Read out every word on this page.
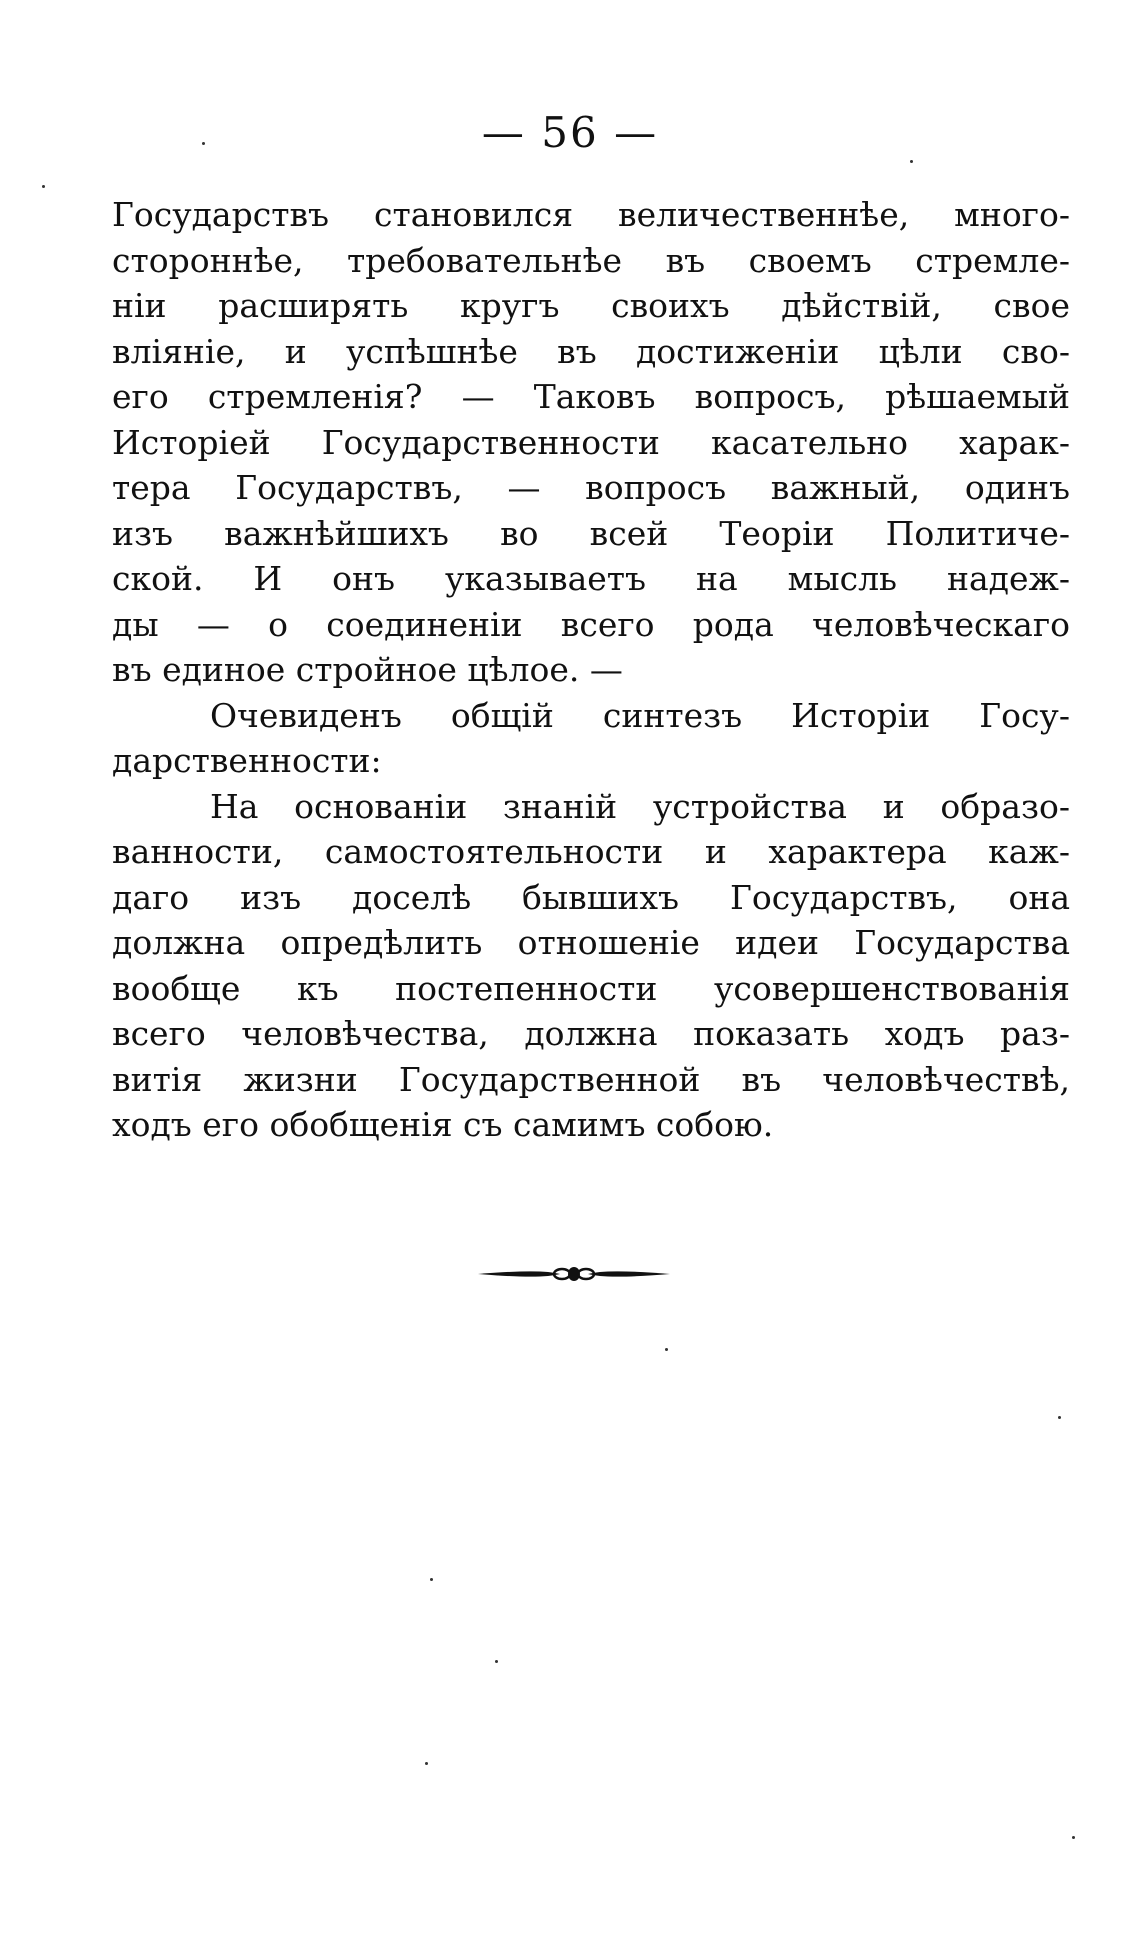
— 56 —
Государствъ становился величественнѣе, много-
стороннѣе, требовательнѣе въ своемъ стремле-
нiи расширять кругъ своихъ дѣйствiй, свое
влiянiе, и успѣшнѣе въ достиженiи цѣли сво-
его стремленiя? — Таковъ вопросъ, рѣшаемый
Исторiей Государственности касательно харак-
тера Государствъ, — вопросъ важный, одинъ
изъ важнѣйшихъ во всей Теорiи Политиче-
ской. И онъ указываетъ на мысль надеж-
ды — о соединенiи всего рода человѣческаго
въ единое стройное цѣлое. —
Очевиденъ общiй синтезъ Исторiи Госу-
дарственности:
На основанiи знанiй устройства и образо-
ванности, самостоятельности и характера каж-
даго изъ доселѣ бывшихъ Государствъ, она
должна опредѣлить отношенiе идеи Государства
вообще къ постепенности усовершенствованiя
всего человѣчества, должна показать ходъ раз-
витiя жизни Государственной въ человѣчествѣ,
ходъ его обобщенiя съ самимъ собою.
